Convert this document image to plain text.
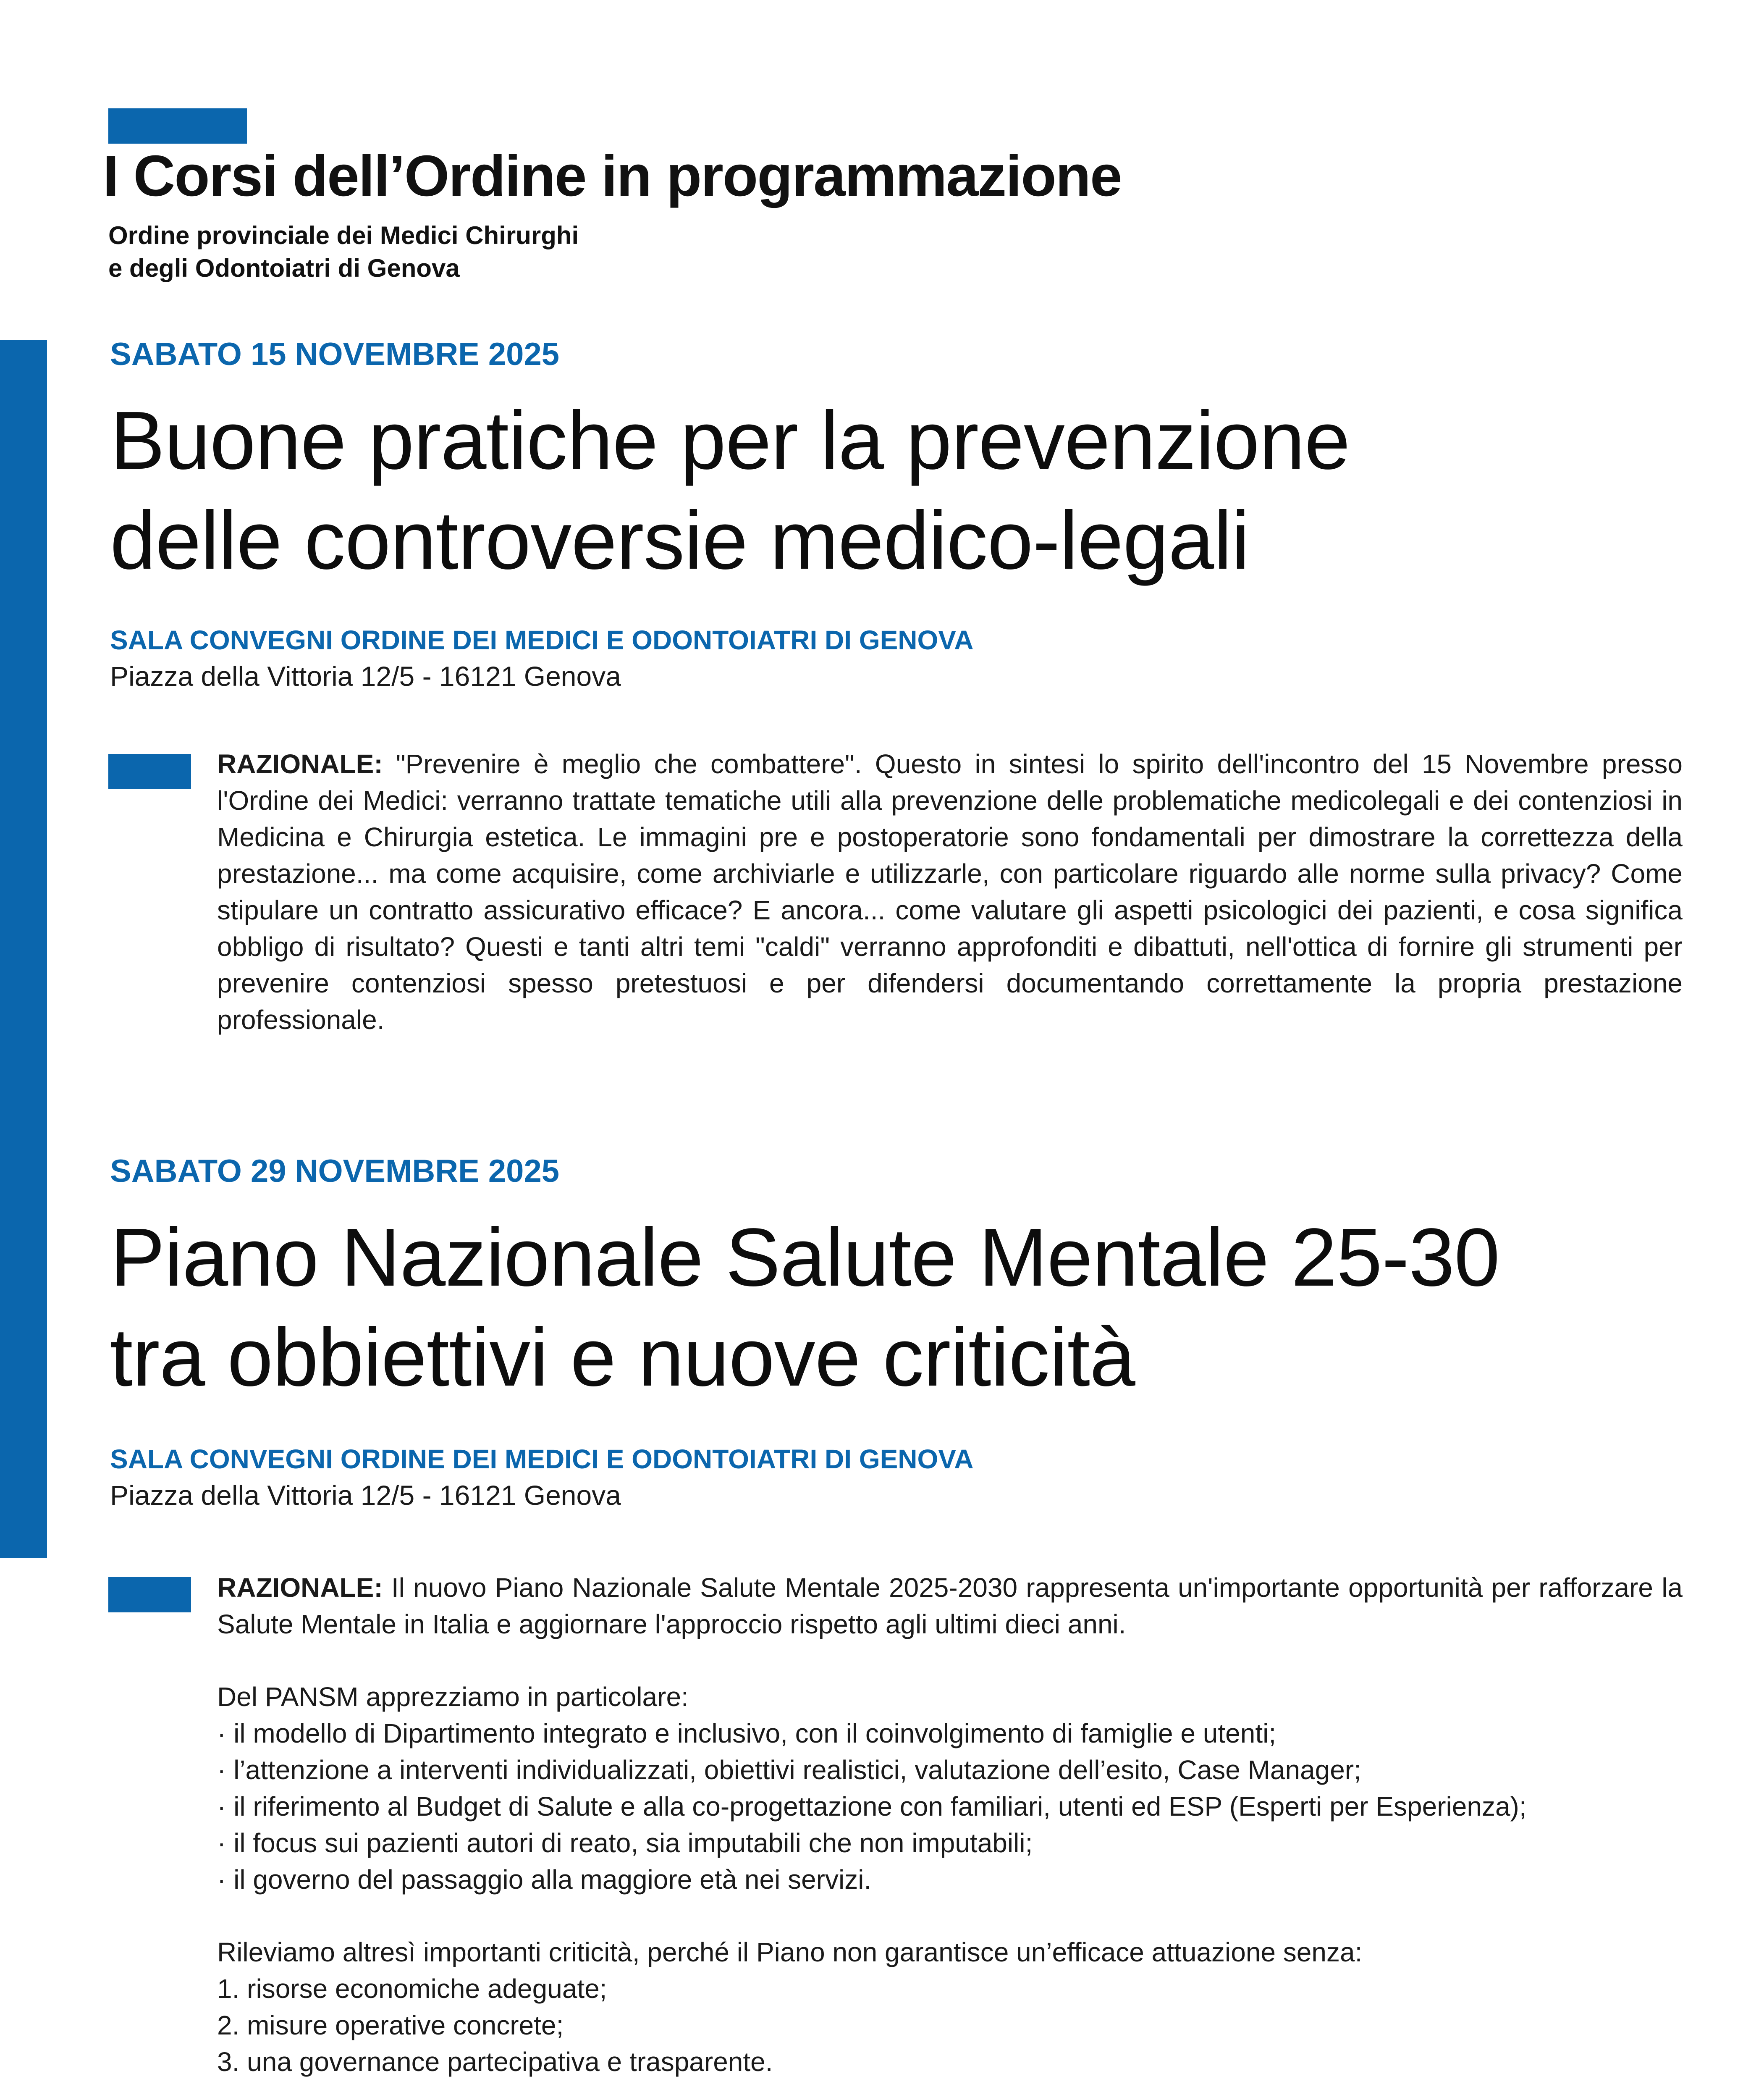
I Corsi dell’Ordine in programmazione
Ordine provinciale dei Medici Chirurghi
e degli Odontoiatri di Genova
SABATO 15 NOVEMBRE 2025
Buone pratiche per la prevenzione
delle controversie medico-legali
SALA CONVEGNI ORDINE DEI MEDICI E ODONTOIATRI DI GENOVA
Piazza della Vittoria 12/5 - 16121 Genova
RAZIONALE: "Prevenire è meglio che combattere". Questo in sintesi lo spirito dell'incontro del 15 Novembre presso l'Ordine dei Medici: verranno trattate tematiche utili alla prevenzione delle problematiche medicolegali e dei contenziosi in Medicina e Chirurgia estetica. Le immagini pre e postoperatorie sono fondamentali per dimostrare la correttezza della prestazione... ma come acquisire, come archiviarle e utilizzarle, con particolare riguardo alle norme sulla privacy? Come stipulare un contratto assicurativo efficace? E ancora... come valutare gli aspetti psicologici dei pazienti, e cosa significa obbligo di risultato? Questi e tanti altri temi "caldi" verranno approfonditi e dibattuti, nell'ottica di fornire gli strumenti per prevenire contenziosi spesso pretestuosi e per difendersi documentando correttamente la propria prestazione professionale.
SABATO 29 NOVEMBRE 2025
Piano Nazionale Salute Mentale 25-30
tra obbiettivi e nuove criticità
SALA CONVEGNI ORDINE DEI MEDICI E ODONTOIATRI DI GENOVA
Piazza della Vittoria 12/5 - 16121 Genova
RAZIONALE: Il nuovo Piano Nazionale Salute Mentale 2025-2030 rappresenta un'importante opportunità per rafforzare la Salute Mentale in Italia e aggiornare l'approccio rispetto agli ultimi dieci anni.
Del PANSM apprezziamo in particolare:
· il modello di Dipartimento integrato e inclusivo, con il coinvolgimento di famiglie e utenti;
· l’attenzione a interventi individualizzati, obiettivi realistici, valutazione dell’esito, Case Manager;
· il riferimento al Budget di Salute e alla co-progettazione con familiari, utenti ed ESP (Esperti per Esperienza);
· il focus sui pazienti autori di reato, sia imputabili che non imputabili;
· il governo del passaggio alla maggiore età nei servizi.
Rileviamo altresì importanti criticità, perché il Piano non garantisce un’efficace attuazione senza:
1. risorse economiche adeguate;
2. misure operative concrete;
3. una governance partecipativa e trasparente.
